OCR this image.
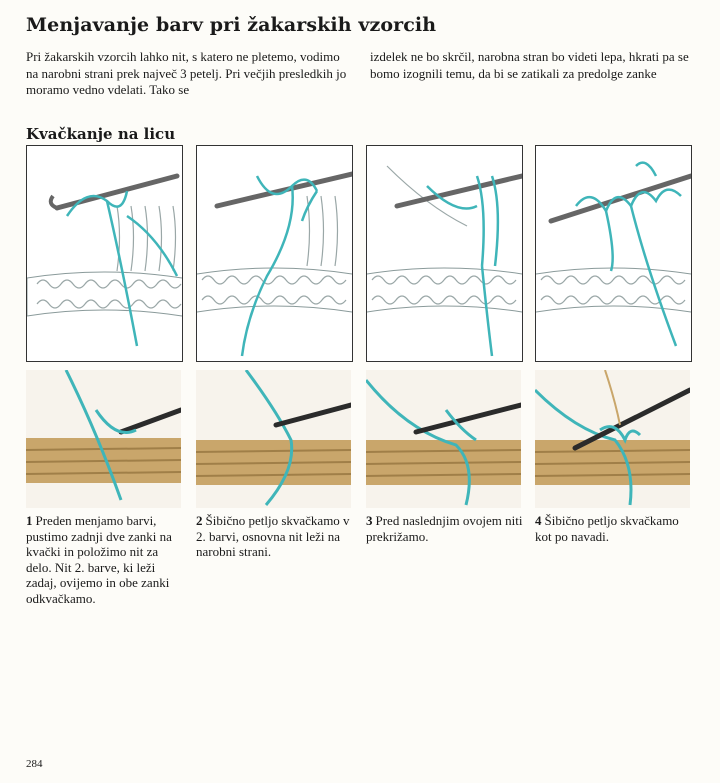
Menjavanje barv pri žakarskih vzorcih
Pri žakarskih vzorcih lahko nit, s katero ne pletemo, vodimo na narobni strani prek največ 3 petelj. Pri večjih presledkih jo moramo vedno vdelati. Tako se
izdelek ne bo skrčil, narobna stran bo videti lepa, hkrati pa se bomo izognili temu, da bi se zatikali za predolge zanke
Kvačkanje na licu
1 Preden menjamo barvi, pustimo zadnji dve zanki na kvački in položimo nit za delo. Nit 2. barve, ki leži zadaj, ovijemo in obe zanki odkvačkamo.
2 Šibično petljo skvačkamo v 2. barvi, osnovna nit leži na narobni strani.
3 Pred naslednjim ovojem niti prekrižamo.
4 Šibično petljo skvačkamo kot po navadi.
284
